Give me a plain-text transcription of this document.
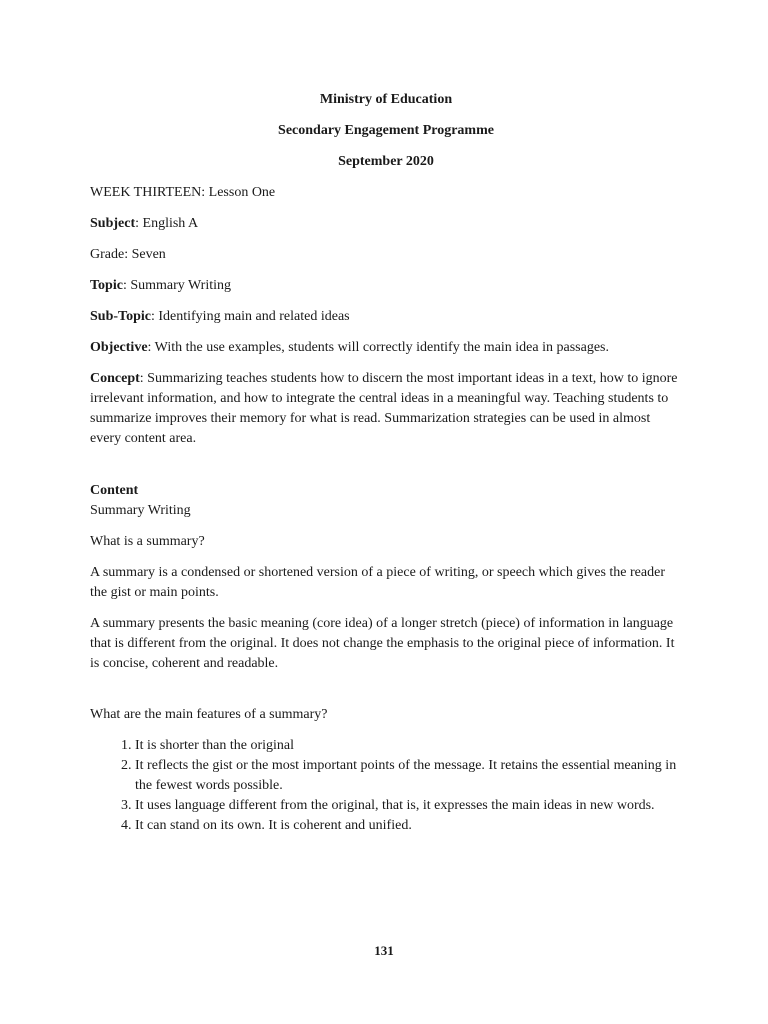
Ministry of Education
Secondary Engagement Programme
September 2020

WEEK THIRTEEN: Lesson One

Subject: English A

Grade: Seven

Topic: Summary Writing

Sub-Topic: Identifying main and related ideas

Objective: With the use examples, students will correctly identify the main idea in passages.

Concept: Summarizing teaches students how to discern the most important ideas in a text, how to ignore irrelevant information, and how to integrate the central ideas in a meaningful way. Teaching students to summarize improves their memory for what is read. Summarization strategies can be used in almost every content area.

Content

Summary Writing

What is a summary?

A summary is a condensed or shortened version of a piece of writing, or speech which gives the reader the gist or main points.

A summary presents the basic meaning (core idea) of a longer stretch (piece) of information in language that is different from the original. It does not change the emphasis to the original piece of information. It is concise, coherent and readable.

What are the main features of a summary?

1. It is shorter than the original
2. It reflects the gist or the most important points of the message. It retains the essential meaning in the fewest words possible.
3. It uses language different from the original, that is, it expresses the main ideas in new words.
4. It can stand on its own. It is coherent and unified.
131
